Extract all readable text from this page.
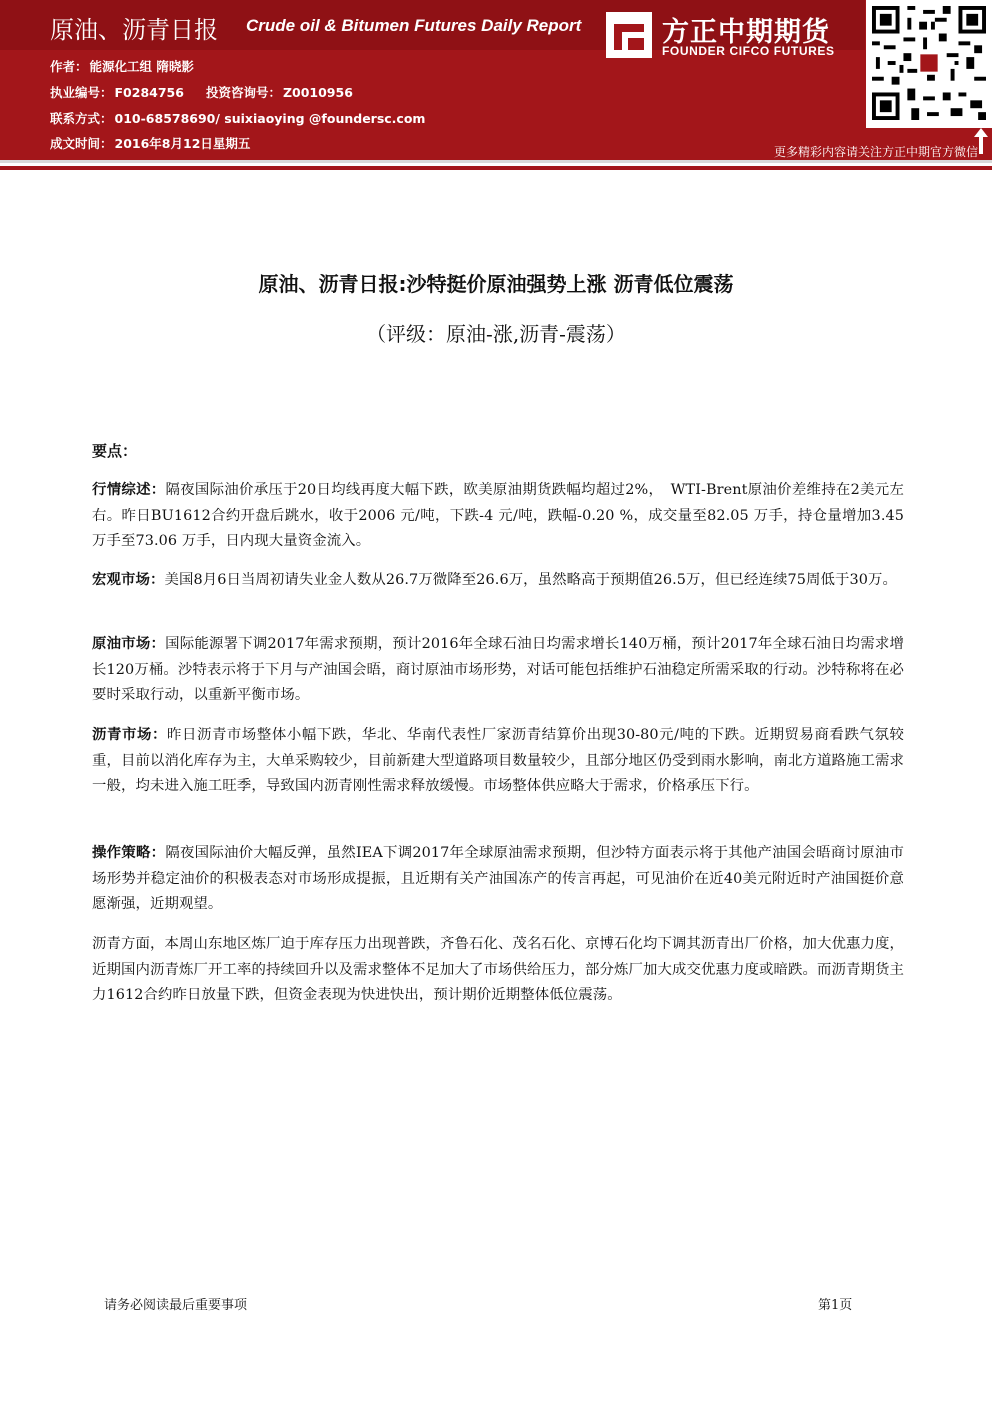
原油、沥青日报 Crude oil & Bitumen Futures Daily Report
作者： 能源化工组 隋晓影
执业编号： F0284756 投资咨询号： Z0010956
联系方式： 010-68578690/ suixiaoying @foundersc.com
成文时间： 2016年8月12日星期五
方正中期期货
FOUNDER CIFCO FUTURES
更多精彩内容请关注方正中期官方微信
原油、沥青日报:沙特挺价原油强势上涨 沥青低位震荡
（评级：原油-涨,沥青-震荡）
要点：
行情综述：隔夜国际油价承压于20日均线再度大幅下跌，欧美原油期货跌幅均超过2%，　WTI-Brent原油价差维持在2美元左右。昨日BU1612合约开盘后跳水，收于2006 元/吨，下跌-4 元/吨，跌幅-0.20 %，成交量至82.05 万手，持仓量增加3.45 万手至73.06 万手，日内现大量资金流入。
宏观市场：美国8月6日当周初请失业金人数从26.7万微降至26.6万，虽然略高于预期值26.5万，但已经连续75周低于30万。
原油市场：国际能源署下调2017年需求预期，预计2016年全球石油日均需求增长140万桶，预计2017年全球石油日均需求增长120万桶。沙特表示将于下月与产油国会晤，商讨原油市场形势，对话可能包括维护石油稳定所需采取的行动。沙特称将在必要时采取行动，以重新平衡市场。
沥青市场：昨日沥青市场整体小幅下跌，华北、华南代表性厂家沥青结算价出现30-80元/吨的下跌。近期贸易商看跌气氛较重，目前以消化库存为主，大单采购较少，目前新建大型道路项目数量较少，且部分地区仍受到雨水影响，南北方道路施工需求一般，均未进入施工旺季，导致国内沥青刚性需求释放缓慢。市场整体供应略大于需求，价格承压下行。
操作策略：隔夜国际油价大幅反弹，虽然IEA下调2017年全球原油需求预期，但沙特方面表示将于其他产油国会晤商讨原油市场形势并稳定油价的积极表态对市场形成提振，且近期有关产油国冻产的传言再起，可见油价在近40美元附近时产油国挺价意愿渐强，近期观望。
沥青方面，本周山东地区炼厂迫于库存压力出现普跌，齐鲁石化、茂名石化、京博石化均下调其沥青出厂价格，加大优惠力度，近期国内沥青炼厂开工率的持续回升以及需求整体不足加大了市场供给压力，部分炼厂加大成交优惠力度或暗跌。而沥青期货主力1612合约昨日放量下跌，但资金表现为快进快出，预计期价近期整体低位震荡。
请务必阅读最后重要事项	第1页
